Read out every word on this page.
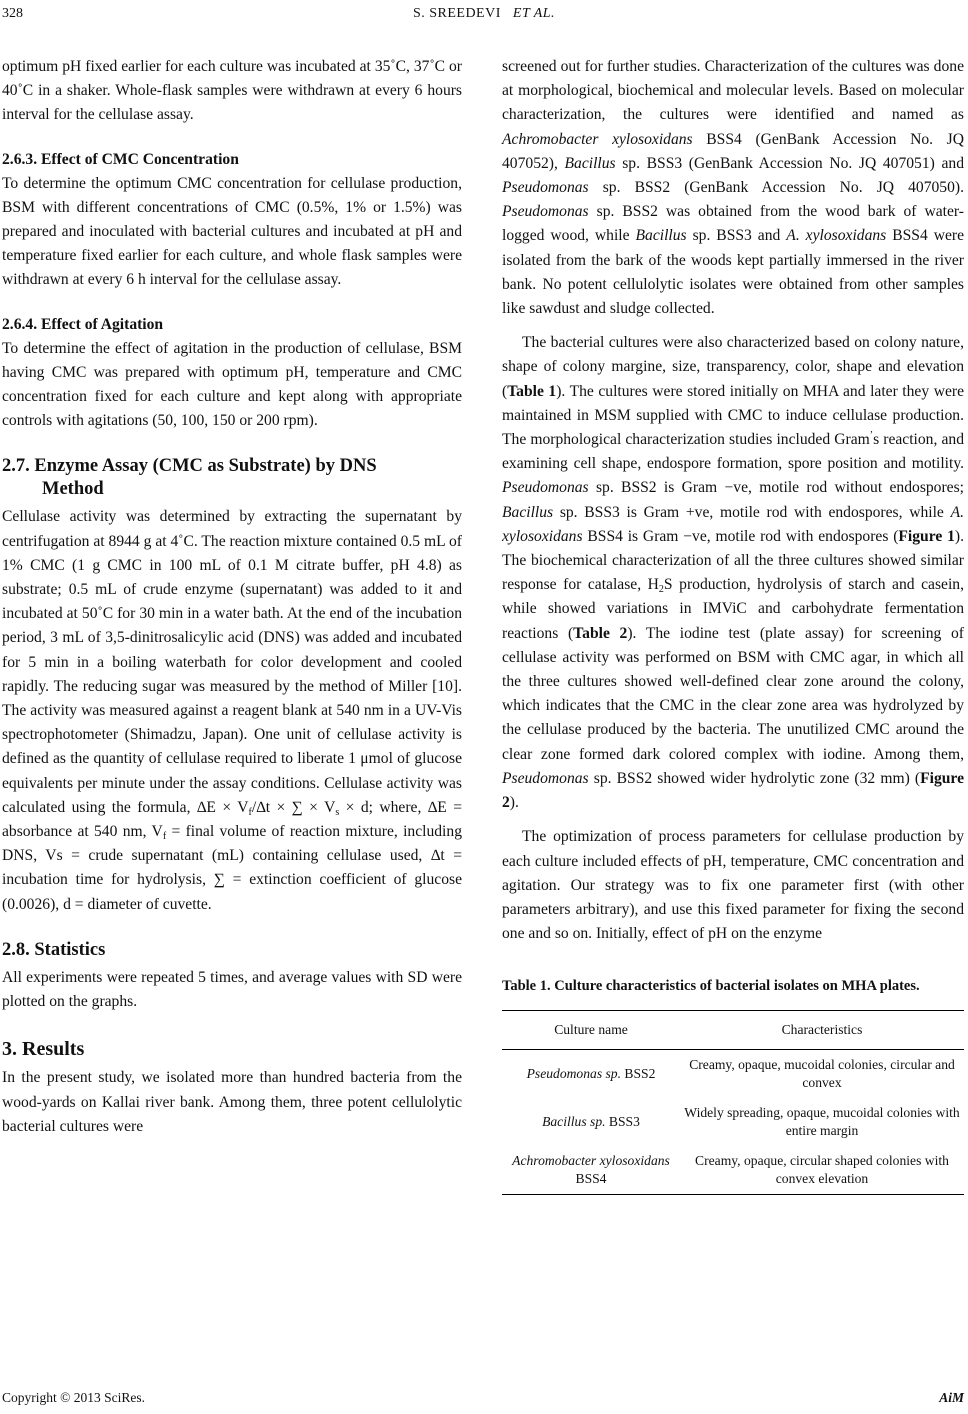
328	S. SREEDEVI ET AL.

optimum pH fixed earlier for each culture was incubated at 35˚C, 37˚C or 40˚C in a shaker. Whole-flask samples were withdrawn at every 6 hours interval for the cellulase assay.

2.6.3. Effect of CMC Concentration

To determine the optimum CMC concentration for cellulase production, BSM with different concentrations of CMC (0.5%, 1% or 1.5%) was prepared and inoculated with bacterial cultures and incubated at pH and temperature fixed earlier for each culture, and whole flask samples were withdrawn at every 6 h interval for the cellulase assay.

2.6.4. Effect of Agitation

To determine the effect of agitation in the production of cellulase, BSM having CMC was prepared with optimum pH, temperature and CMC concentration fixed for each culture and kept along with appropriate controls with agitations (50, 100, 150 or 200 rpm).

2.7. Enzyme Assay (CMC as Substrate) by DNS
Method

Cellulase activity was determined by extracting the supernatant by centrifugation at 8944 g at 4˚C. The reaction mixture contained 0.5 mL of 1% CMC (1 g CMC in 100 mL of 0.1 M citrate buffer, pH 4.8) as substrate; 0.5 mL of crude enzyme (supernatant) was added to it and incubated at 50˚C for 30 min in a water bath. At the end of the incubation period, 3 mL of 3,5-dinitrosalicylic acid (DNS) was added and incubated for 5 min in a boiling waterbath for color development and cooled rapidly. The reducing sugar was measured by the method of Miller [10]. The activity was measured against a reagent blank at 540 nm in a UV-Vis spectrophotometer (Shimadzu, Japan). One unit of cellulase activity is defined as the quantity of cellulase required to liberate 1 μmol of glucose equivalents per minute under the assay conditions. Cellulase activity was calculated using the formula, $\Delta E \times V_f/\Delta t$ × ∑ × $V_s \times d$; where, ∆E = absorbance at 540 nm, $V_f$ = final volume of reaction mixture, including DNS, Vs = crude supernatant (mL) containing cellulase used, ∆t = incubation time for hydrolysis, ∑ = extinction coefficient of glucose (0.0026), d = diameter of cuvette.

2.8. Statistics

All experiments were repeated 5 times, and average values with SD were plotted on the graphs.

3. Results

In the present study, we isolated more than hundred bacteria from the wood-yards on Kallai river bank. Among them, three potent cellulolytic bacterial cultures were

screened out for further studies. Characterization of the cultures was done at morphological, biochemical and molecular levels. Based on molecular characterization, the cultures were identified and named as Achromobacter xylosoxidans BSS4 (GenBank Accession No. JQ 407052), Bacillus sp. BSS3 (GenBank Accession No. JQ 407051) and Pseudomonas sp. BSS2 (GenBank Accession No. JQ 407050). Pseudomonas sp. BSS2 was obtained from the wood bark of water-logged wood, while Bacillus sp. BSS3 and A. xylosoxidans BSS4 were isolated from the bark of the woods kept partially immersed in the river bank. No potent cellulolytic isolates were obtained from other samples like sawdust and sludge collected.

The bacterial cultures were also characterized based on colony nature, shape of colony margine, size, transparency, color, shape and elevation (Table 1). The cultures were stored initially on MHA and later they were maintained in MSM supplied with CMC to induce cellulase production. The morphological characterization studies included Gram’s reaction, and examining cell shape, endospore formation, spore position and motility. Pseudomonas sp. BSS2 is Gram −ve, motile rod without endospores; Bacillus sp. BSS3 is Gram +ve, motile rod with endospores, while A. xylosoxidans BSS4 is Gram −ve, motile rod with endospores (Figure 1). The biochemical characterization of all the three cultures showed similar response for catalase, $H_2S$ production, hydrolysis of starch and casein, while showed variations in IMViC and carbohydrate fermentation reactions (Table 2). The iodine test (plate assay) for screening of cellulase activity was performed on BSM with CMC agar, in which all the three cultures showed well-defined clear zone around the colony, which indicates that the CMC in the clear zone area was hydrolyzed by the cellulase produced by the bacteria. The unutilized CMC around the clear zone formed dark colored complex with iodine. Among them, Pseudomonas sp. BSS2 showed wider hydrolytic zone (32 mm) (Figure 2).

The optimization of process parameters for cellulase production by each culture included effects of pH, temperature, CMC concentration and agitation. Our strategy was to fix one parameter first (with other parameters arbitrary), and use this fixed parameter for fixing the second one and so on. Initially, effect of pH on the enzyme

Table 1. Culture characteristics of bacterial isolates on MHA plates.
Culture name	Characteristics
Pseudomonas sp. BSS2	Creamy, opaque, mucoidal colonies, circular and convex
Bacillus sp. BSS3	Widely spreading, opaque, mucoidal colonies with entire margin
Achromobacter xylosoxidans BSS4	Creamy, opaque, circular shaped colonies with convex elevation
Copyright © 2013 SciRes.	AiM
